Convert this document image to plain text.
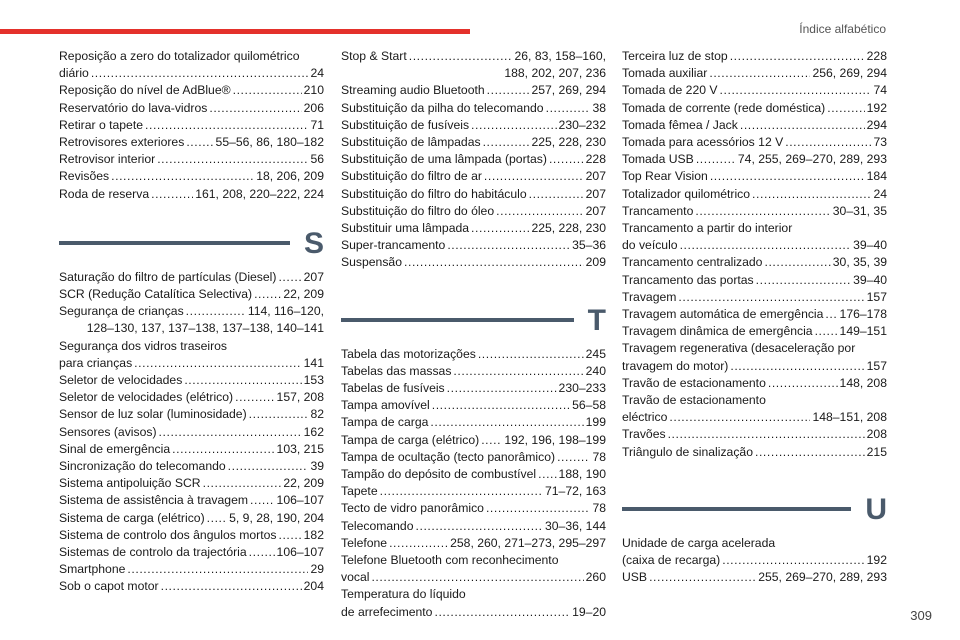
Índice alfabético
309
Reposição a zero do totalizador quilométrico
diário . . .	24
Reposição do nível de AdBlue® . . .	210
Reservatório do lava-vidros . . .	206
Retirar o tapete . . .	71
Retrovisores exteriores . . .	55–56, 86, 180–182
Retrovisor interior . . .	56
Revisões . . .	18, 206, 209
Roda de reserva . . .	161, 208, 220–222, 224
S
Saturação do filtro de partículas (Diesel) . . . 207
SCR (Redução Catalítica Selectiva) . . .	22, 209
Segurança de crianças . . .	114, 116–120,
128–130, 137, 137–138, 137–138, 140–141
Segurança dos vidros traseiros
para crianças . . .	141
Seletor de velocidades . . .	153
Seletor de velocidades (elétrico) . . .	157, 208
Sensor de luz solar (luminosidade) . . .	82
Sensores (avisos) . . .	162
Sinal de emergência . . .	103, 215
Sincronização do telecomando . . .	39
Sistema antipoluição SCR . . .	22, 209
Sistema de assistência à travagem . . . 106–107
Sistema de carga (elétrico) . . . 5, 9, 28, 190, 204
Sistema de controlo dos ângulos mortos . . . 182
Sistemas de controlo da trajectória . . . 106–107
Smartphone . . .	29
Sob o capot motor . . .	204
Stop & Start . . .	26, 83, 158–160,
188, 202, 207, 236
Streaming audio Bluetooth . . .	257, 269, 294
Substituição da pilha do telecomando . . .	38
Substituição de fusíveis . . .	230–232
Substituição de lâmpadas . . .	225, 228, 230
Substituição de uma lâmpada (portas) . . .	228
Substituição do filtro de ar . . .	207
Substituição do filtro do habitáculo . . .	207
Substituição do filtro do óleo . . .	207
Substituir uma lâmpada . . .	225, 228, 230
Super-trancamento . . .	35–36
Suspensão . . .	209
T
Tabela das motorizações . . .	245
Tabelas das massas . . .	240
Tabelas de fusíveis . . .	230–233
Tampa amovível . . .	56–58
Tampa de carga . . .	199
Tampa de carga (elétrico) . . . 192, 196, 198–199
Tampa de ocultação (tecto panorâmico) . . .	78
Tampão do depósito de combustível . . . 188, 190
Tapete . . .	71–72, 163
Tecto de vidro panorâmico . . .	78
Telecomando . . .	30–36, 144
Telefone . . .	258, 260, 271–273, 295–297
Telefone Bluetooth com reconhecimento
vocal . . .	260
Temperatura do líquido
de arrefecimento . . .	19–20
Terceira luz de stop . . .	228
Tomada auxiliar . . .	256, 269, 294
Tomada de 220 V . . .	74
Tomada de corrente (rede doméstica) . . .	192
Tomada fêmea / Jack . . .	294
Tomada para acessórios 12 V . . .	73
Tomada USB . . .	74, 255, 269–270, 289, 293
Top Rear Vision . . .	184
Totalizador quilométrico . . .	24
Trancamento . . .	30–31, 35
Trancamento a partir do interior
do veículo . . .	39–40
Trancamento centralizado . . .	30, 35, 39
Trancamento das portas . . .	39–40
Travagem . . .	157
Travagem automática de emergência . . . 176–178
Travagem dinâmica de emergência . . . 149–151
Travagem regenerativa (desaceleração por
travagem do motor) . . .	157
Travão de estacionamento . . .	148, 208
Travão de estacionamento
eléctrico . . .	148–151, 208
Travões . . .	208
Triângulo de sinalização . . .	215
U
Unidade de carga acelerada
(caixa de recarga) . . .	192
USB . . .	255, 269–270, 289, 293
